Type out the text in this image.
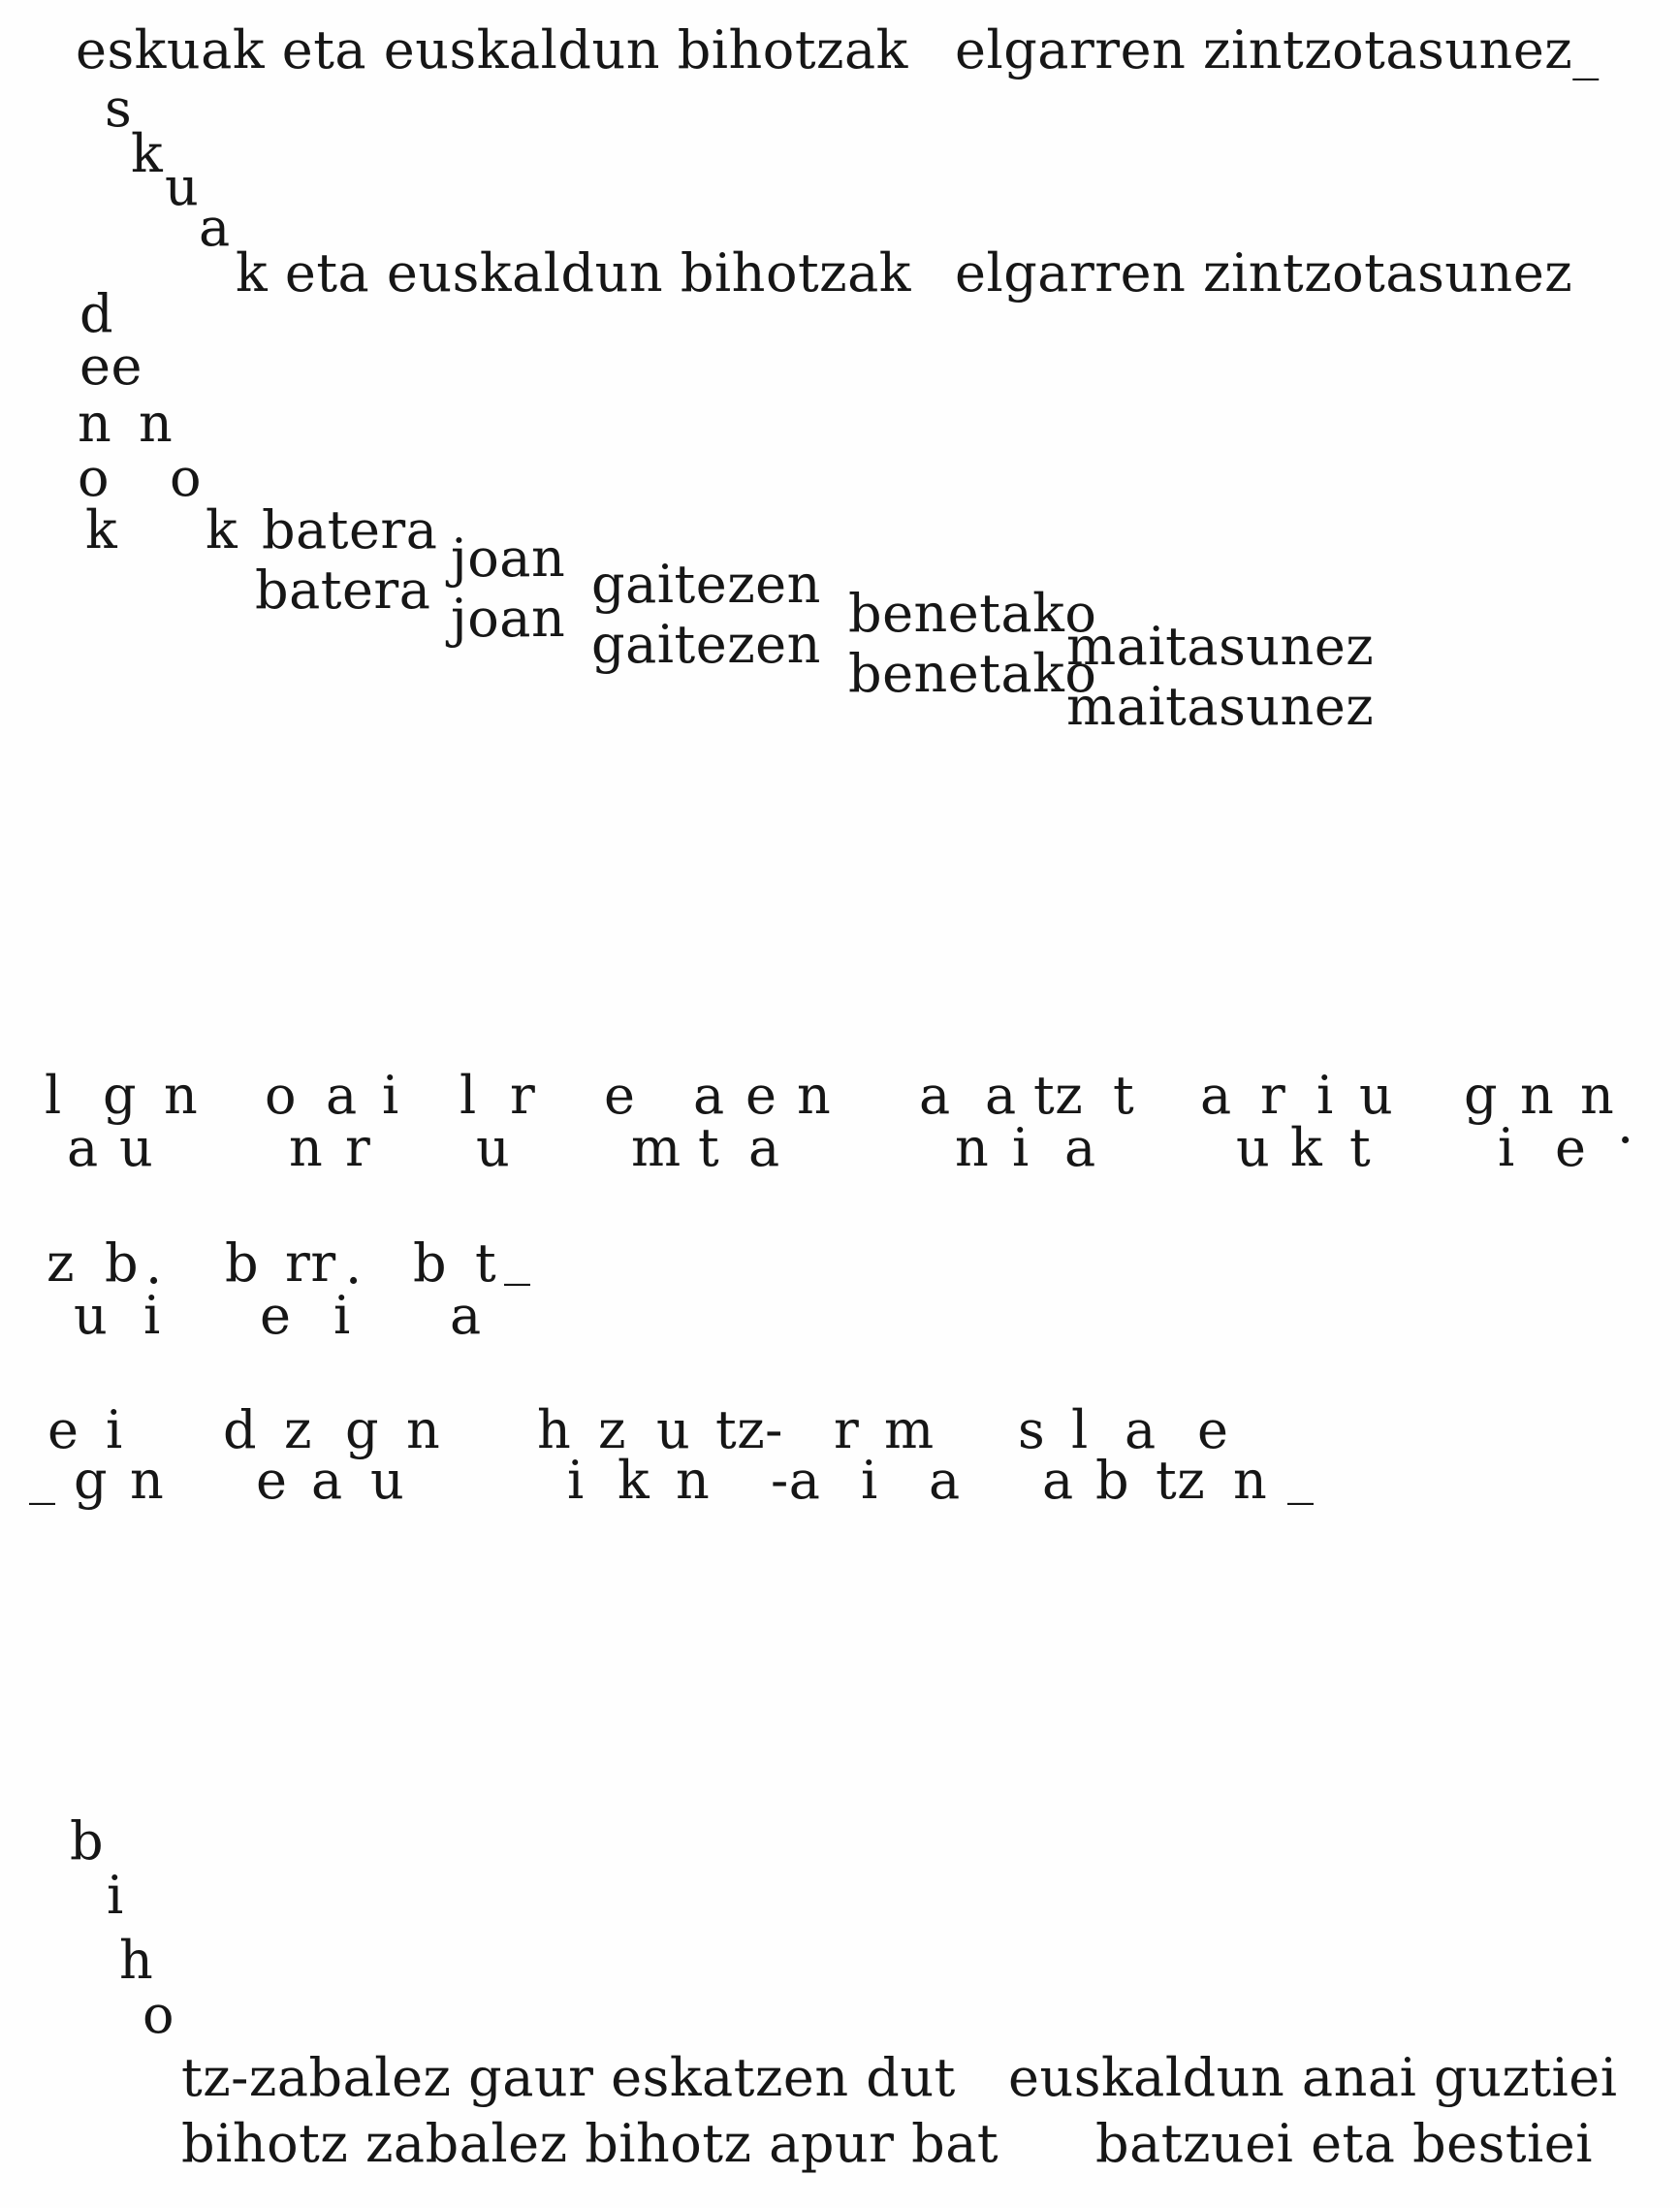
eskuak eta euskaldun bihotzak elgarren zintzotasunez_
k eta euskaldun bihotzak elgarren zintzotasunez
s
k
u
a
d
ee
n n
o o
k k batera
batera
joan
joan
gaitezen
gaitezen
benetako
benetako
maitasunez
maitasunez
l g n o a i l r e a e n a a tz t a r i u g n n .
a u	n r u m t a	n i a	u k t i e
z b . b rr . b t _
u i e i a
e i d z g n h z u tz- r m s l a e
_ g n e a u	i k n -a i a a b tz n _
b
i
h
o
tz-zabalez gaur eskatzen dut euskaldun anai guztiei
bihotz zabalez bihotz apur bat batzuei eta bestiei
